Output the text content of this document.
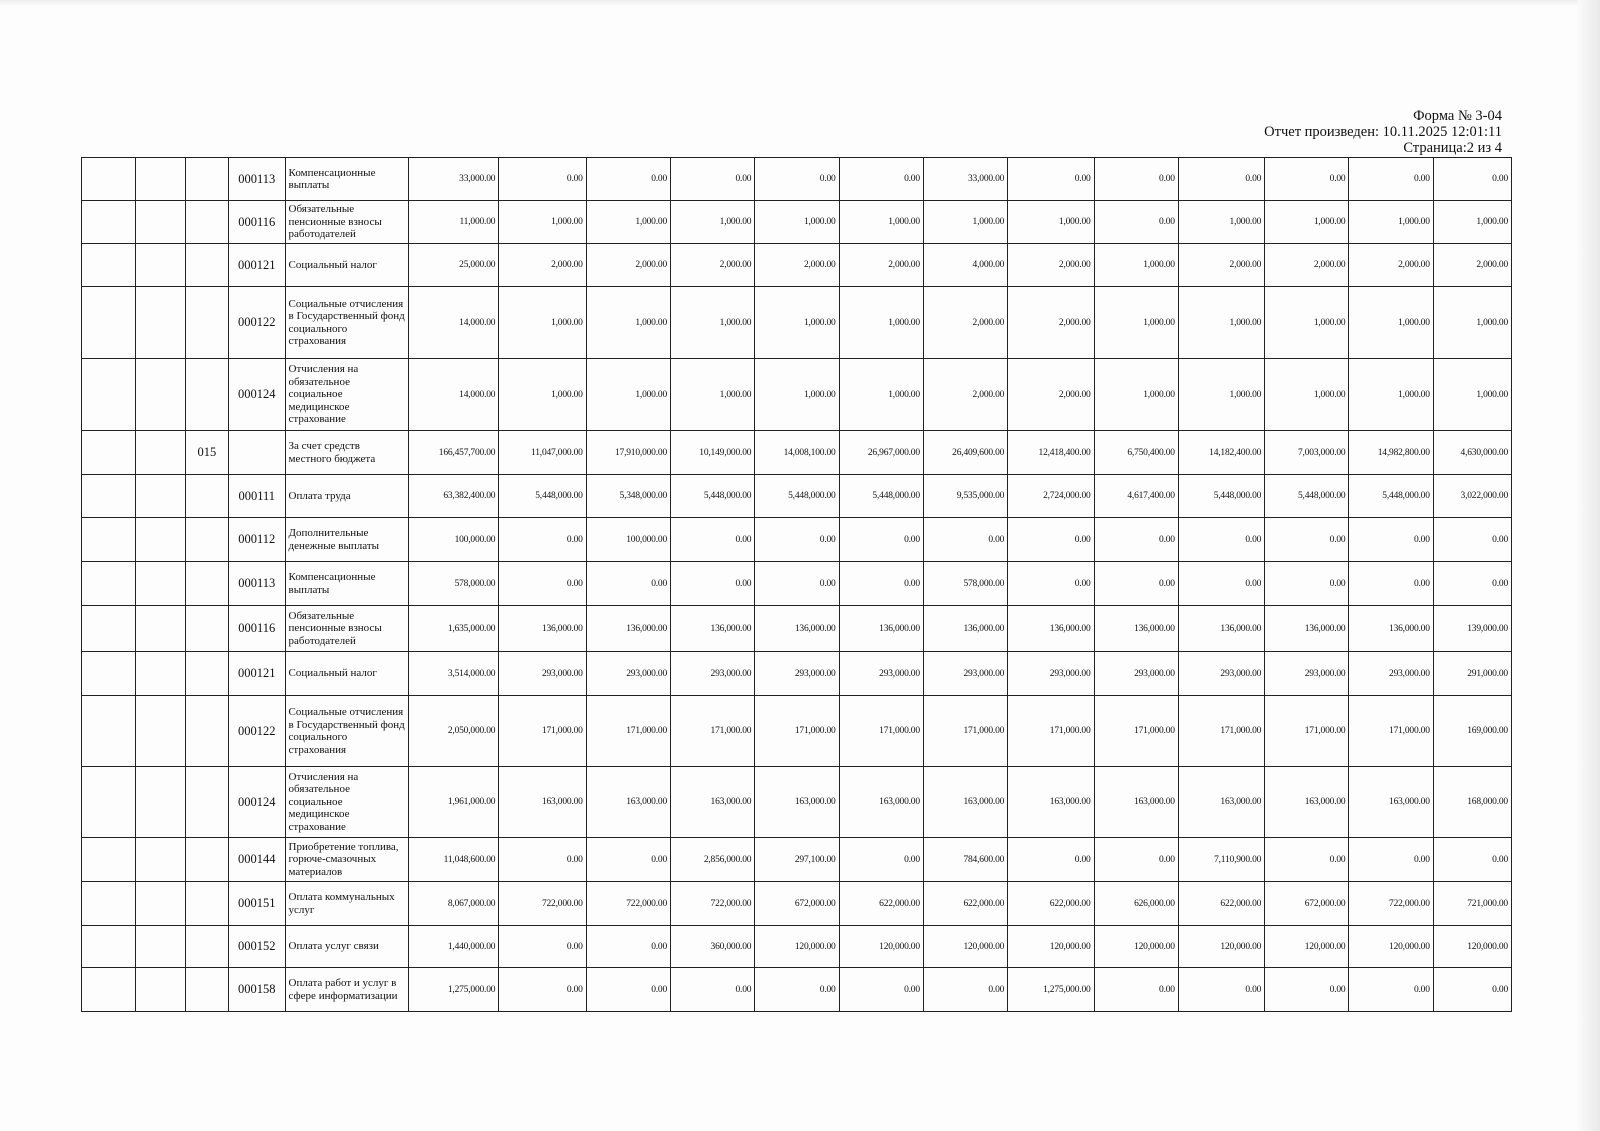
Форма № 3-04
Отчет произведен: 10.11.2025 12:01:11
Страница:2 из 4
			000113	Компенсационные выплаты	33,000.00	0.00	0.00	0.00	0.00	0.00	33,000.00	0.00	0.00	0.00	0.00	0.00	0.00
			000116	Обязательные пенсионные взносы работодателей	11,000.00	1,000.00	1,000.00	1,000.00	1,000.00	1,000.00	1,000.00	1,000.00	0.00	1,000.00	1,000.00	1,000.00	1,000.00
			000121	Социальный налог	25,000.00	2,000.00	2,000.00	2,000.00	2,000.00	2,000.00	4,000.00	2,000.00	1,000.00	2,000.00	2,000.00	2,000.00	2,000.00
			000122	Социальные отчисления в Государственный фонд социального страхования	14,000.00	1,000.00	1,000.00	1,000.00	1,000.00	1,000.00	2,000.00	2,000.00	1,000.00	1,000.00	1,000.00	1,000.00	1,000.00
			000124	Отчисления на обязательное социальное медицинское страхование	14,000.00	1,000.00	1,000.00	1,000.00	1,000.00	1,000.00	2,000.00	2,000.00	1,000.00	1,000.00	1,000.00	1,000.00	1,000.00
		015		За счет средств местного бюджета	166,457,700.00	11,047,000.00	17,910,000.00	10,149,000.00	14,008,100.00	26,967,000.00	26,409,600.00	12,418,400.00	6,750,400.00	14,182,400.00	7,003,000.00	14,982,800.00	4,630,000.00
			000111	Оплата труда	63,382,400.00	5,448,000.00	5,348,000.00	5,448,000.00	5,448,000.00	5,448,000.00	9,535,000.00	2,724,000.00	4,617,400.00	5,448,000.00	5,448,000.00	5,448,000.00	3,022,000.00
			000112	Дополнительные денежные выплаты	100,000.00	0.00	100,000.00	0.00	0.00	0.00	0.00	0.00	0.00	0.00	0.00	0.00	0.00
			000113	Компенсационные выплаты	578,000.00	0.00	0.00	0.00	0.00	0.00	578,000.00	0.00	0.00	0.00	0.00	0.00	0.00
			000116	Обязательные пенсионные взносы работодателей	1,635,000.00	136,000.00	136,000.00	136,000.00	136,000.00	136,000.00	136,000.00	136,000.00	136,000.00	136,000.00	136,000.00	136,000.00	139,000.00
			000121	Социальный налог	3,514,000.00	293,000.00	293,000.00	293,000.00	293,000.00	293,000.00	293,000.00	293,000.00	293,000.00	293,000.00	293,000.00	293,000.00	291,000.00
			000122	Социальные отчисления в Государственный фонд социального страхования	2,050,000.00	171,000.00	171,000.00	171,000.00	171,000.00	171,000.00	171,000.00	171,000.00	171,000.00	171,000.00	171,000.00	171,000.00	169,000.00
			000124	Отчисления на обязательное социальное медицинское страхование	1,961,000.00	163,000.00	163,000.00	163,000.00	163,000.00	163,000.00	163,000.00	163,000.00	163,000.00	163,000.00	163,000.00	163,000.00	168,000.00
			000144	Приобретение топлива, горюче-смазочных материалов	11,048,600.00	0.00	0.00	2,856,000.00	297,100.00	0.00	784,600.00	0.00	0.00	7,110,900.00	0.00	0.00	0.00
			000151	Оплата коммунальных услуг	8,067,000.00	722,000.00	722,000.00	722,000.00	672,000.00	622,000.00	622,000.00	622,000.00	626,000.00	622,000.00	672,000.00	722,000.00	721,000.00
			000152	Оплата услуг связи	1,440,000.00	0.00	0.00	360,000.00	120,000.00	120,000.00	120,000.00	120,000.00	120,000.00	120,000.00	120,000.00	120,000.00	120,000.00
			000158	Оплата работ и услуг в сфере информатизации	1,275,000.00	0.00	0.00	0.00	0.00	0.00	0.00	1,275,000.00	0.00	0.00	0.00	0.00	0.00
